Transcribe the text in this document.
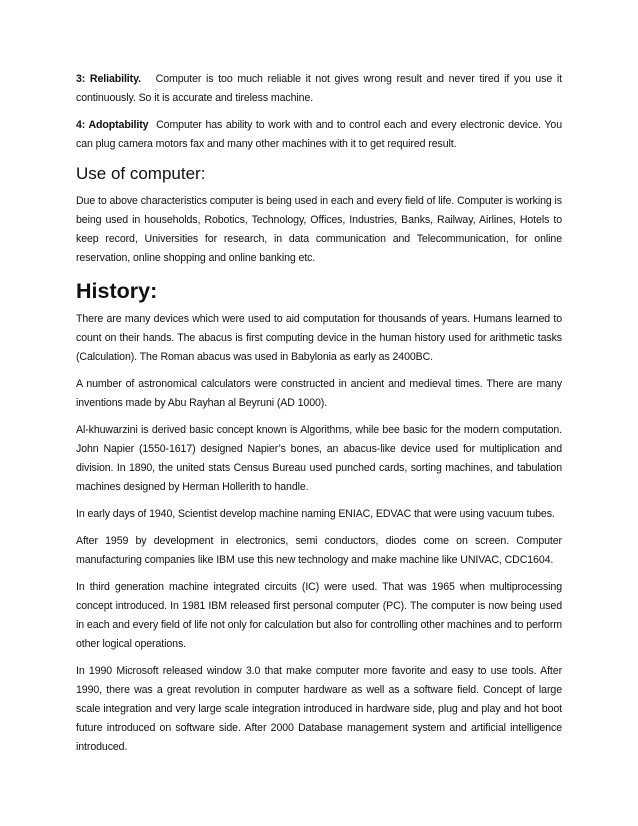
3: Reliability. Computer is too much reliable it not gives wrong result and never tired if you use it continuously. So it is accurate and tireless machine.

4: Adoptability Computer has ability to work with and to control each and every electronic device. You can plug camera motors fax and many other machines with it to get required result.

Use of computer:

Due to above characteristics computer is being used in each and every field of life. Computer is working is being used in households, Robotics, Technology, Offices, Industries, Banks, Railway, Airlines, Hotels to keep record, Universities for research, in data communication and Telecommunication, for online reservation, online shopping and online banking etc.

History:

There are many devices which were used to aid computation for thousands of years. Humans learned to count on their hands. The abacus is first computing device in the human history used for arithmetic tasks (Calculation). The Roman abacus was used in Babylonia as early as 2400BC.

A number of astronomical calculators were constructed in ancient and medieval times. There are many inventions made by Abu Rayhan al Beyruni (AD 1000).

Al-khuwarzini is derived basic concept known is Algorithms, while bee basic for the modern computation. John Napier (1550-1617) designed Napier’s bones, an abacus-like device used for multiplication and division. In 1890, the united stats Census Bureau used punched cards, sorting machines, and tabulation machines designed by Herman Hollerith to handle.

In early days of 1940, Scientist develop machine naming ENIAC, EDVAC that were using vacuum tubes.

After 1959 by development in electronics, semi conductors, diodes come on screen. Computer manufacturing companies like IBM use this new technology and make machine like UNIVAC, CDC1604.

In third generation machine integrated circuits (IC) were used. That was 1965 when multiprocessing concept introduced. In 1981 IBM released first personal computer (PC). The computer is now being used in each and every field of life not only for calculation but also for controlling other machines and to perform other logical operations.

In 1990 Microsoft released window 3.0 that make computer more favorite and easy to use tools. After 1990, there was a great revolution in computer hardware as well as a software field. Concept of large scale integration and very large scale integration introduced in hardware side, plug and play and hot boot future introduced on software side. After 2000 Database management system and artificial intelligence introduced.
